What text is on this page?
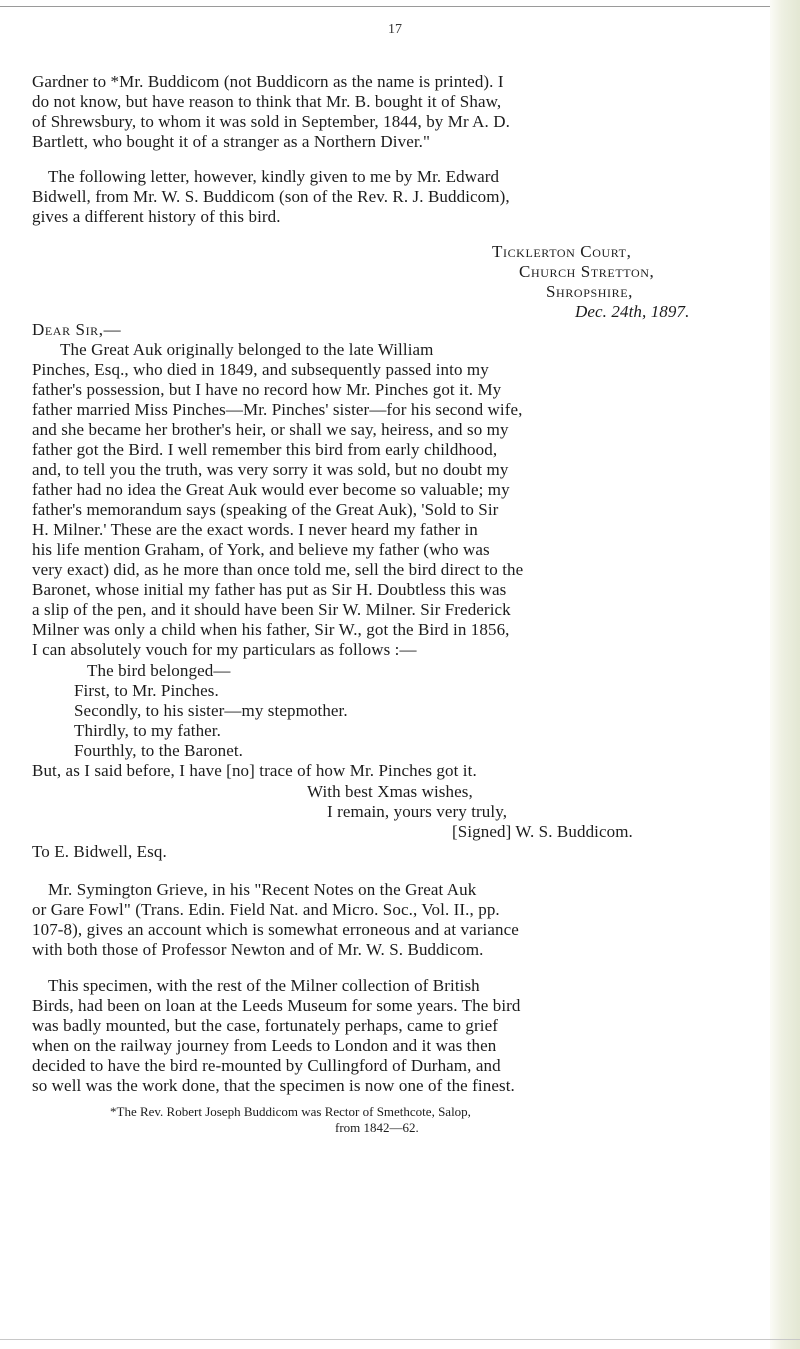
17
Gardner to *Mr. Buddicom (not Buddicorn as the name is printed). I
do not know, but have reason to think that Mr. B. bought it of Shaw,
of Shrewsbury, to whom it was sold in September, 1844, by Mr A. D.
Bartlett, who bought it of a stranger as a Northern Diver."
The following letter, however, kindly given to me by Mr. Edward
Bidwell, from Mr. W. S. Buddicom (son of the Rev. R. J. Buddicom),
gives a different history of this bird.
Ticklerton Court,
Church Stretton,
Shropshire,
Dec. 24th, 1897.
Dear Sir,—
The Great Auk originally belonged to the late William
Pinches, Esq., who died in 1849, and subsequently passed into my
father's possession, but I have no record how Mr. Pinches got it. My
father married Miss Pinches—Mr. Pinches' sister—for his second wife,
and she became her brother's heir, or shall we say, heiress, and so my
father got the Bird. I well remember this bird from early childhood,
and, to tell you the truth, was very sorry it was sold, but no doubt my
father had no idea the Great Auk would ever become so valuable; my
father's memorandum says (speaking of the Great Auk), 'Sold to Sir
H. Milner.' These are the exact words. I never heard my father in
his life mention Graham, of York, and believe my father (who was
very exact) did, as he more than once told me, sell the bird direct to the
Baronet, whose initial my father has put as Sir H. Doubtless this was
a slip of the pen, and it should have been Sir W. Milner. Sir Frederick
Milner was only a child when his father, Sir W., got the Bird in 1856,
I can absolutely vouch for my particulars as follows :—
The bird belonged—
First, to Mr. Pinches.
Secondly, to his sister—my stepmother.
Thirdly, to my father.
Fourthly, to the Baronet.
But, as I said before, I have [no] trace of how Mr. Pinches got it.
With best Xmas wishes,
I remain, yours very truly,
[Signed] W. S. Buddicom.
To E. Bidwell, Esq.
Mr. Symington Grieve, in his "Recent Notes on the Great Auk
or Gare Fowl" (Trans. Edin. Field Nat. and Micro. Soc., Vol. II., pp.
107-8), gives an account which is somewhat erroneous and at variance
with both those of Professor Newton and of Mr. W. S. Buddicom.
This specimen, with the rest of the Milner collection of British
Birds, had been on loan at the Leeds Museum for some years. The bird
was badly mounted, but the case, fortunately perhaps, came to grief
when on the railway journey from Leeds to London and it was then
decided to have the bird re-mounted by Cullingford of Durham, and
so well was the work done, that the specimen is now one of the finest.
*The Rev. Robert Joseph Buddicom was Rector of Smethcote, Salop,
from 1842—62.
